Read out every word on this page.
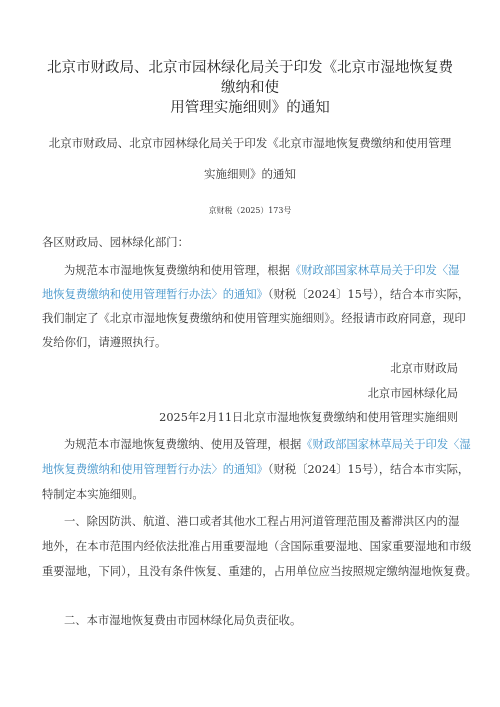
北京市财政局、北京市园林绿化局关于印发《北京市湿地恢复费缴纳和使
用管理实施细则》的通知
北京市财政局、北京市园林绿化局关于印发《北京市湿地恢复费缴纳和使用管理
实施细则》的通知
京财税（2025）173号
各区财政局、园林绿化部门：
为规范本市湿地恢复费缴纳和使用管理，根据《财政部国家林草局关于印发〈湿
地恢复费缴纳和使用管理暂行办法〉的通知》（财税〔2024〕15号），结合本市实际，
我们制定了《北京市湿地恢复费缴纳和使用管理实施细则》。经报请市政府同意，现印
发给你们，请遵照执行。
北京市财政局
北京市园林绿化局
2025年2月11日北京市湿地恢复费缴纳和使用管理实施细则
为规范本市湿地恢复费缴纳、使用及管理，根据《财政部国家林草局关于印发〈湿
地恢复费缴纳和使用管理暂行办法〉的通知》（财税〔2024〕15号），结合本市实际，
特制定本实施细则。
一、除因防洪、航道、港口或者其他水工程占用河道管理范围及蓄滞洪区内的湿
地外，在本市范围内经依法批准占用重要湿地（含国际重要湿地、国家重要湿地和市级
重要湿地，下同），且没有条件恢复、重建的，占用单位应当按照规定缴纳湿地恢复费。
二、本市湿地恢复费由市园林绿化局负责征收。
